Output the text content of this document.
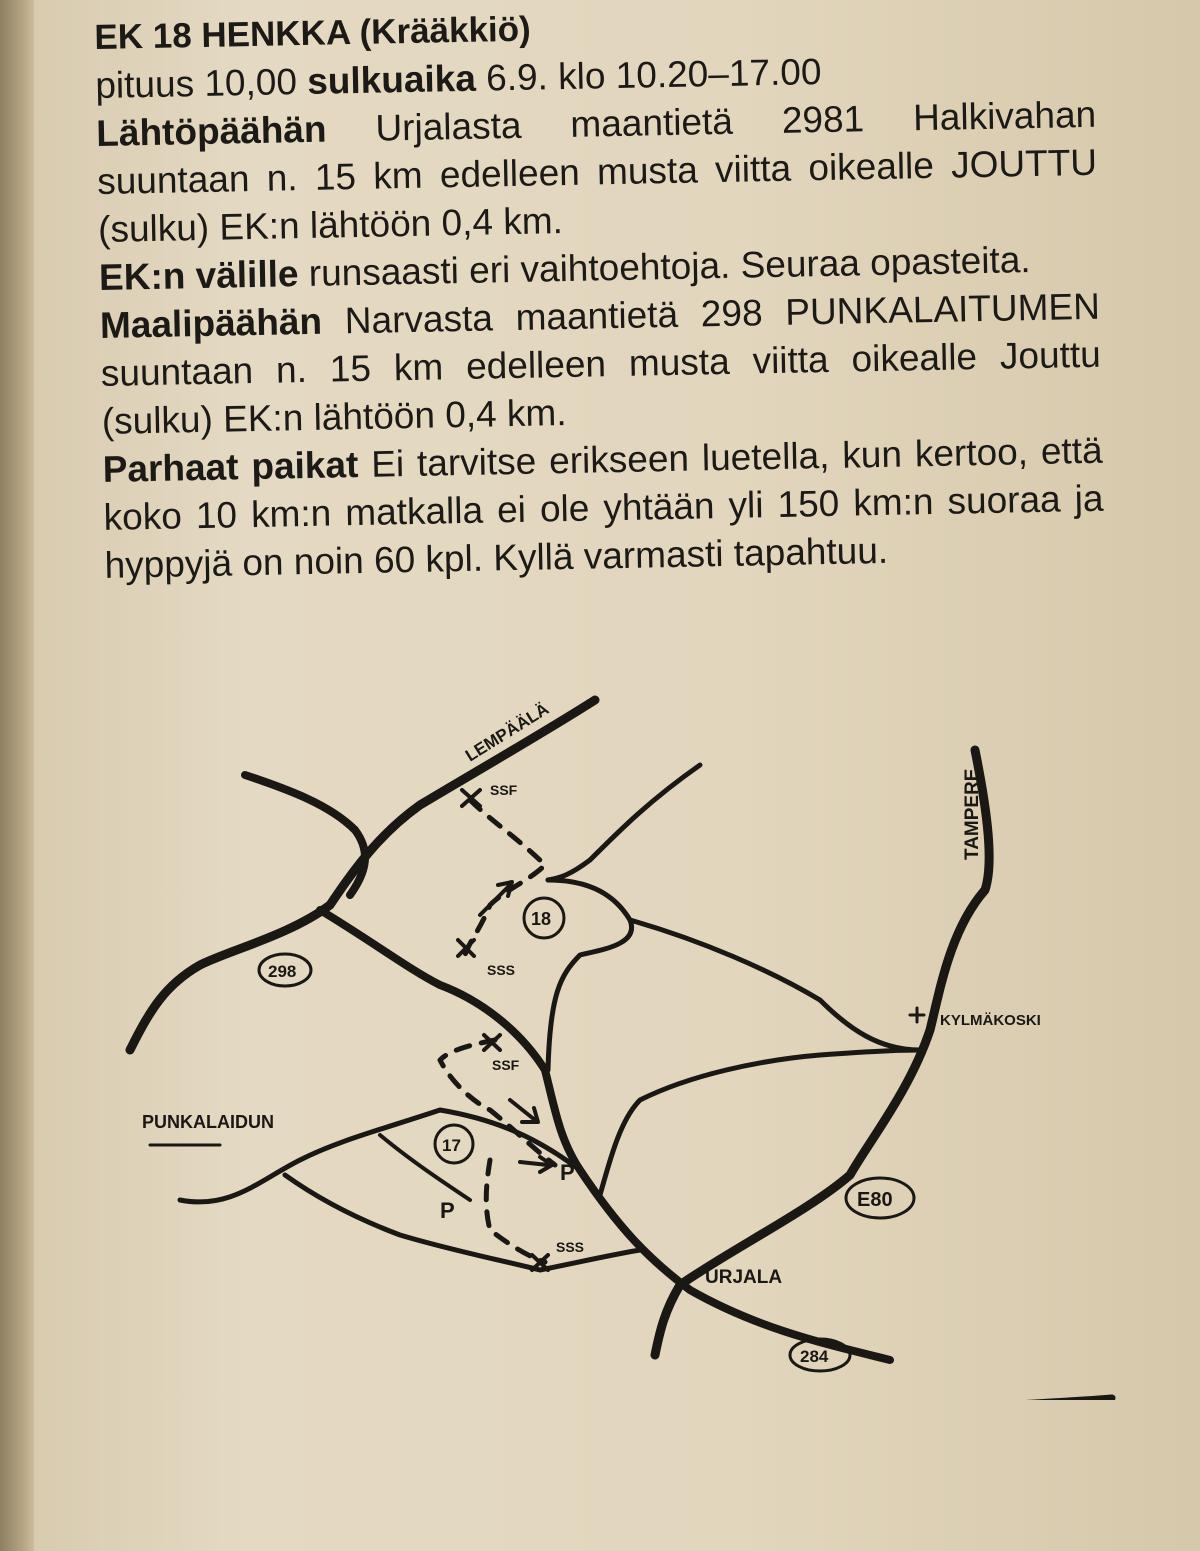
EK 18 HENKKA (Krääkkiö)

pituus 10,00 sulkuaika 6.9. klo 10.20–17.00

Lähtöpäähän Urjalasta maantietä 2981 Halkivahan suuntaan n. 15 km edelleen musta viitta oikealle JOUTTU (sulku) EK:n lähtöön 0,4 km.

EK:n välille runsaasti eri vaihtoehtoja. Seuraa opasteita.

Maalipäähän Narvasta maantietä 298 PUNKALAITUMEN suuntaan n. 15 km edelleen musta viitta oikealle Jouttu (sulku) EK:n lähtöön 0,4 km.

Parhaat paikat Ei tarvitse erikseen luetella, kun kertoo, että koko 10 km:n matkalla ei ole yhtään yli 150 km:n suoraa ja hyppyjä on noin 60 kpl. Kyllä varmasti tapahtuu.

LEMPÄÄLÄ
TAMPERE
KYLMÄKOSKI
PUNKALAIDUN
URJALA
298
E80
284
18
17
SSF
SSS
SSF
SSS
P
P
